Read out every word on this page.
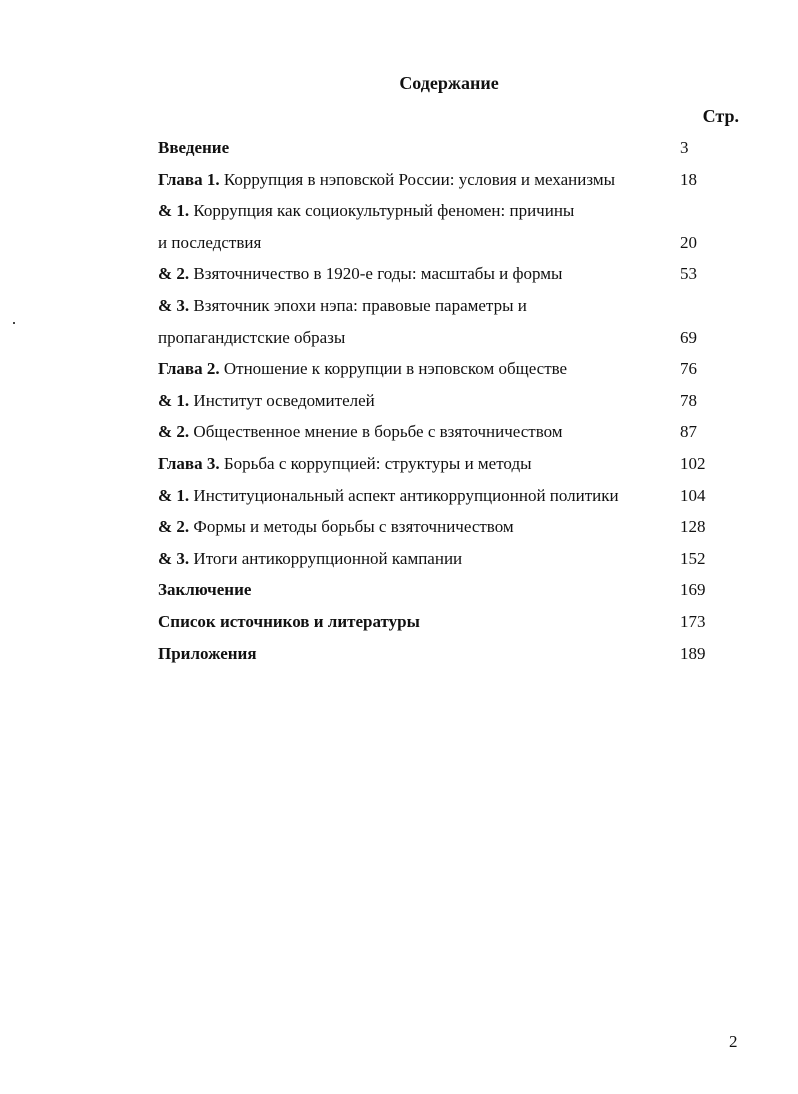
Содержание
Стр.
Введение	3
Глава 1. Коррупция в нэповской России: условия и механизмы	18
& 1. Коррупция как социокультурный феномен: причины
и последствия	20
& 2. Взяточничество в 1920-е годы: масштабы и формы	53
& 3. Взяточник эпохи нэпа: правовые параметры и
пропагандистские образы	69
Глава 2. Отношение к коррупции в нэповском обществе	76
& 1. Институт осведомителей	78
& 2. Общественное мнение в борьбе с взяточничеством	87
Глава 3. Борьба с коррупцией: структуры и методы	102
& 1. Институциональный аспект антикоррупционной политики	104
& 2. Формы и методы борьбы с взяточничеством	128
& 3. Итоги антикоррупционной кампании	152
Заключение	169
Список источников и литературы	173
Приложения	189
2
